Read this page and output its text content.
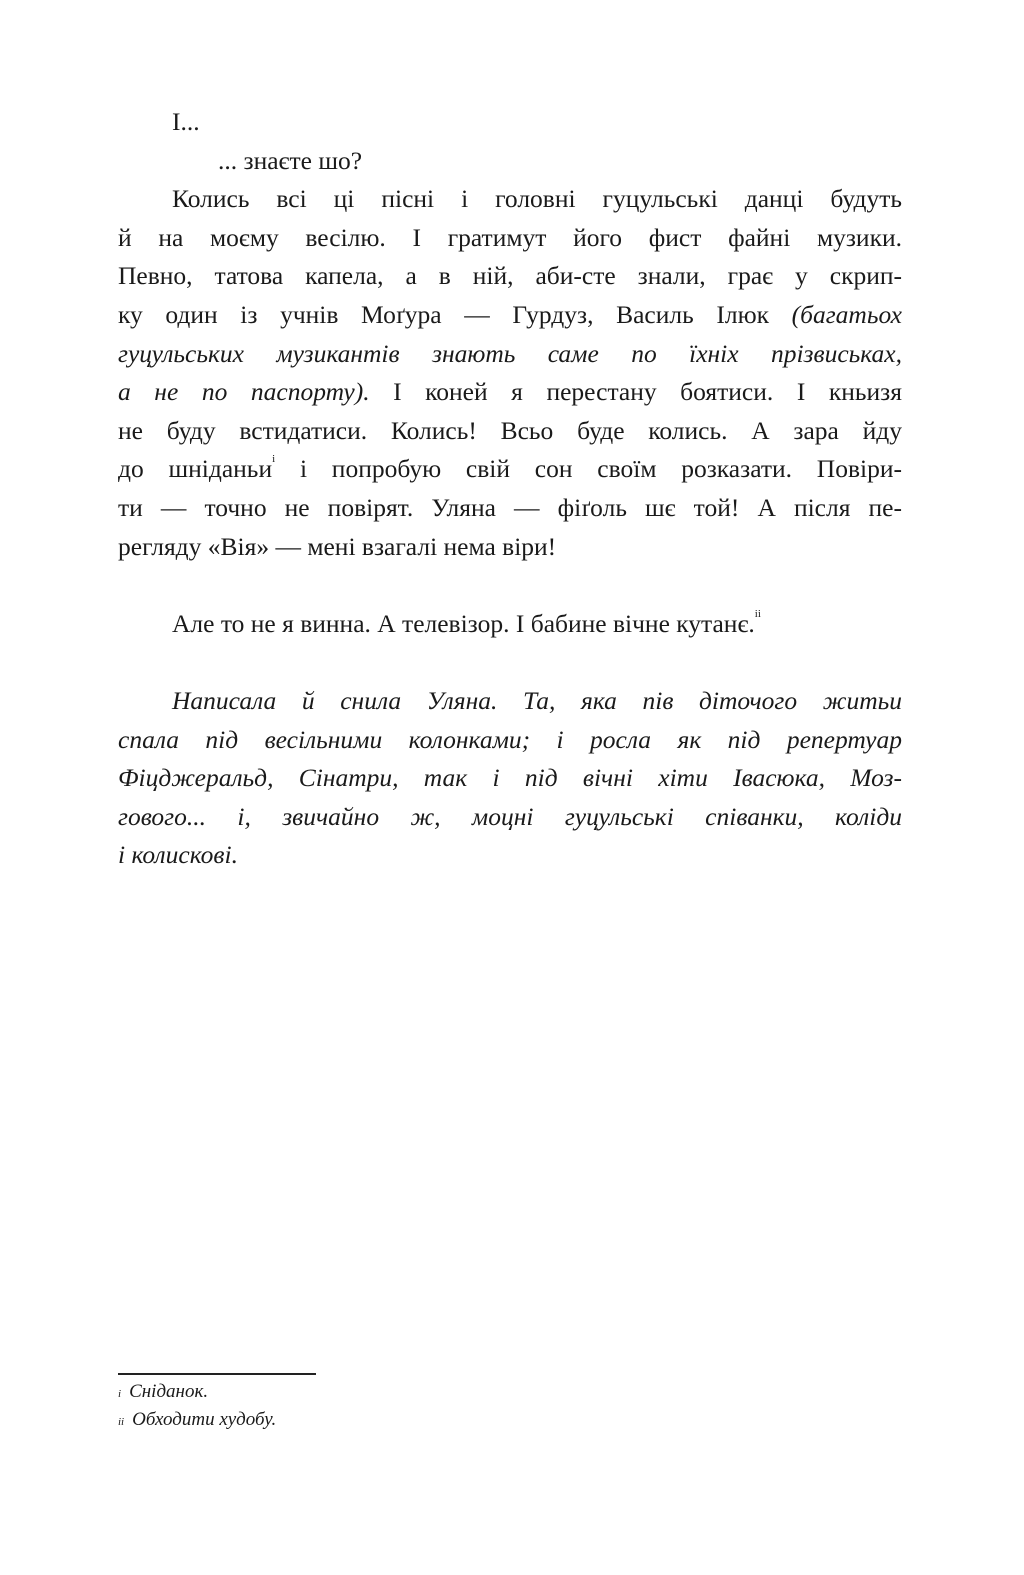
І...
... знаєте шо?
Колись всі ці пісні і головні гуцульські данці будуть
й на моєму весілю. І гратимут його фист файні музики.
Певно, татова капела, а в ній, аби-сте знали, грає у скрип-
ку один із учнів Моґура — Гурдуз, Василь Ілюк (багатьох
гуцульських музикантів знають саме по їхніх прізвиськах,
а не по паспорту). І коней я перестану боятиси. І кньизя
не буду встидатиси. Колись! Всьо буде колись. А зара йду
до шніданьи$^i$ і попробую свій сон своїм розказати. Повіри-
ти — точно не повірят. Уляна — фіґоль шє той! А після пе-
регляду «Вія» — мені взагалі нема віри!
Але то не я винна. А телевізор. І бабине вічне кутанє.$^{ii}$
Написала й снила Уляна. Та, яка пів діточого житьи
спала під весільними колонками; і росла як під репертуар
Фіцджеральд, Сінатри, так і під вічні хіти Івасюка, Моз-
гового... і, звичайно ж, моцні гуцульські співанки, коліди
і колискові.
$^i$ Сніданок.
$^{ii}$ Обходити худобу.
